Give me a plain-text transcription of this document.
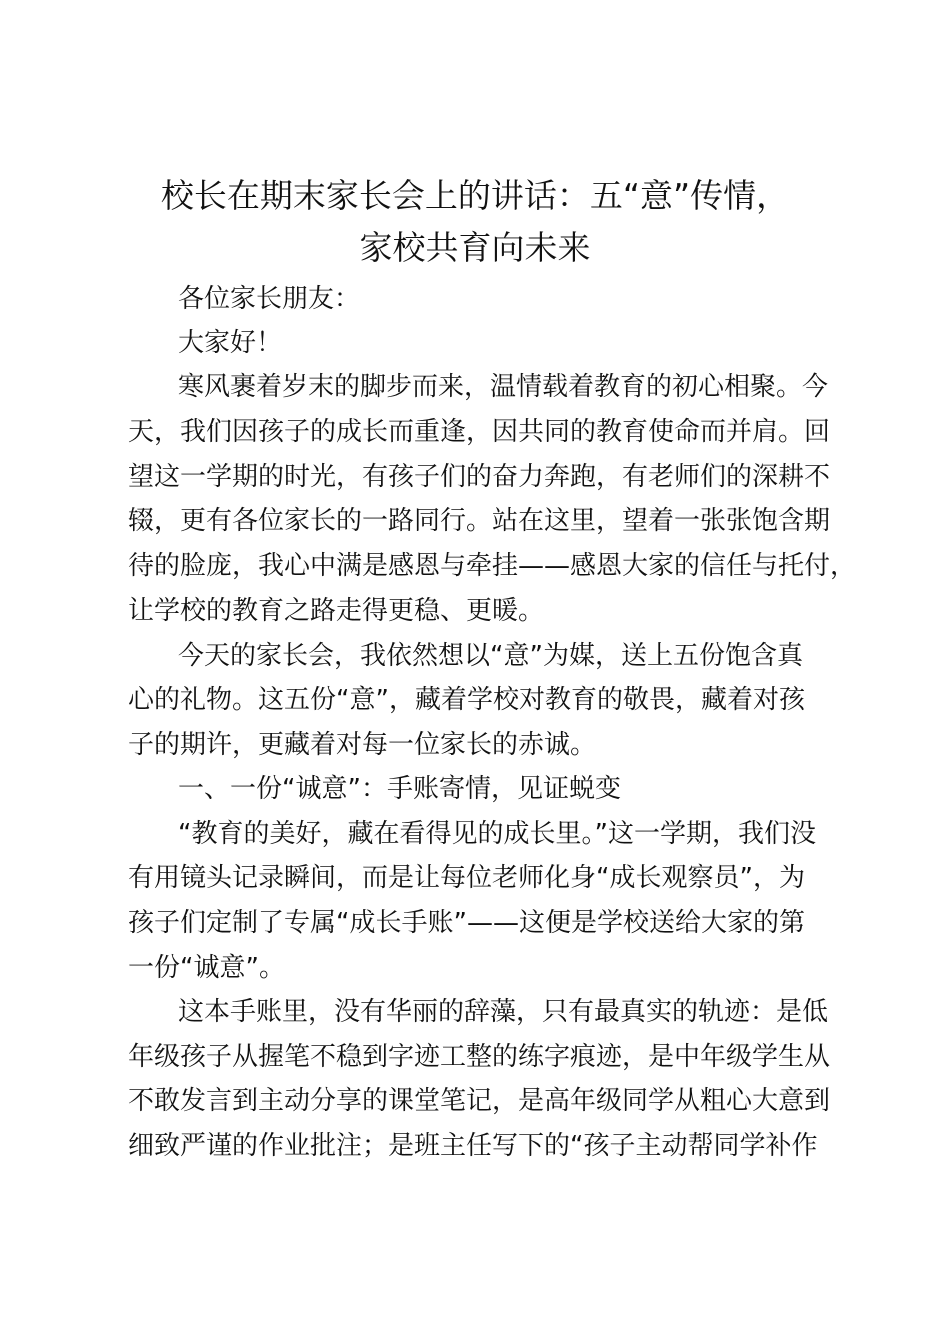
校长在期末家长会上的讲话：五“意”传情，
家校共育向未来
各位家长朋友：
大家好！
寒风裹着岁末的脚步而来，温情载着教育的初心相聚。今
天，我们因孩子的成长而重逢，因共同的教育使命而并肩。回
望这一学期的时光，有孩子们的奋力奔跑，有老师们的深耕不
辍，更有各位家长的一路同行。站在这里，望着一张张饱含期
待的脸庞，我心中满是感恩与牵挂——感恩大家的信任与托付，
让学校的教育之路走得更稳、更暖。
今天的家长会，我依然想以“意”为媒，送上五份饱含真
心的礼物。这五份“意”，藏着学校对教育的敬畏，藏着对孩
子的期许，更藏着对每一位家长的赤诚。
一、一份“诚意”：手账寄情，见证蜕变
“教育的美好，藏在看得见的成长里。”这一学期，我们没
有用镜头记录瞬间，而是让每位老师化身“成长观察员”，为
孩子们定制了专属“成长手账”——这便是学校送给大家的第
一份“诚意”。
这本手账里，没有华丽的辞藻，只有最真实的轨迹：是低
年级孩子从握笔不稳到字迹工整的练字痕迹，是中年级学生从
不敢发言到主动分享的课堂笔记，是高年级同学从粗心大意到
细致严谨的作业批注；是班主任写下的“孩子主动帮同学补作
